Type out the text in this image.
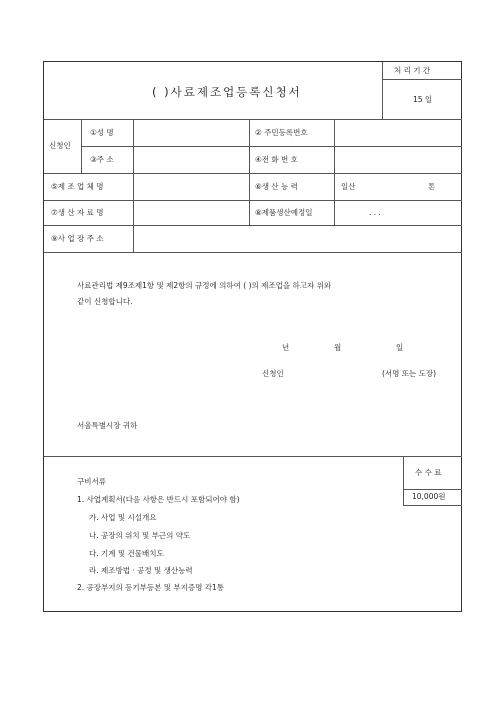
( )사료제조업등록신청서
처 리 기 간
15 일
신청인
①성 명	② 주민등록번호
③주 소	④전 화 번 호
⑤제 조 업 체 명	⑥생 산 능 력	일산	톤
⑦생 산 자 료 명	⑧제품생산예정일	. . .
⑨사 업 장 주 소
사료관리법 제9조제1항 및 제2항의 규정에 의하여 ( )의 제조업을 하고자 위와
같이 신청합니다.
년	월	일
신청인	(서명 또는 도장)
서울특별시장 귀하
구비서류
1. 사업계획서(다음 사항은 반드시 포함되어야 함)
가. 사업 및 시설개요
나. 공장의 위치 및 부근의 약도
다. 기계 및 건물배치도
라. 제조방법 · 공정 및 생산능력
2. 공장부지의 등기부등본 및 부지증명 각1통
수 수 료
10,000원
